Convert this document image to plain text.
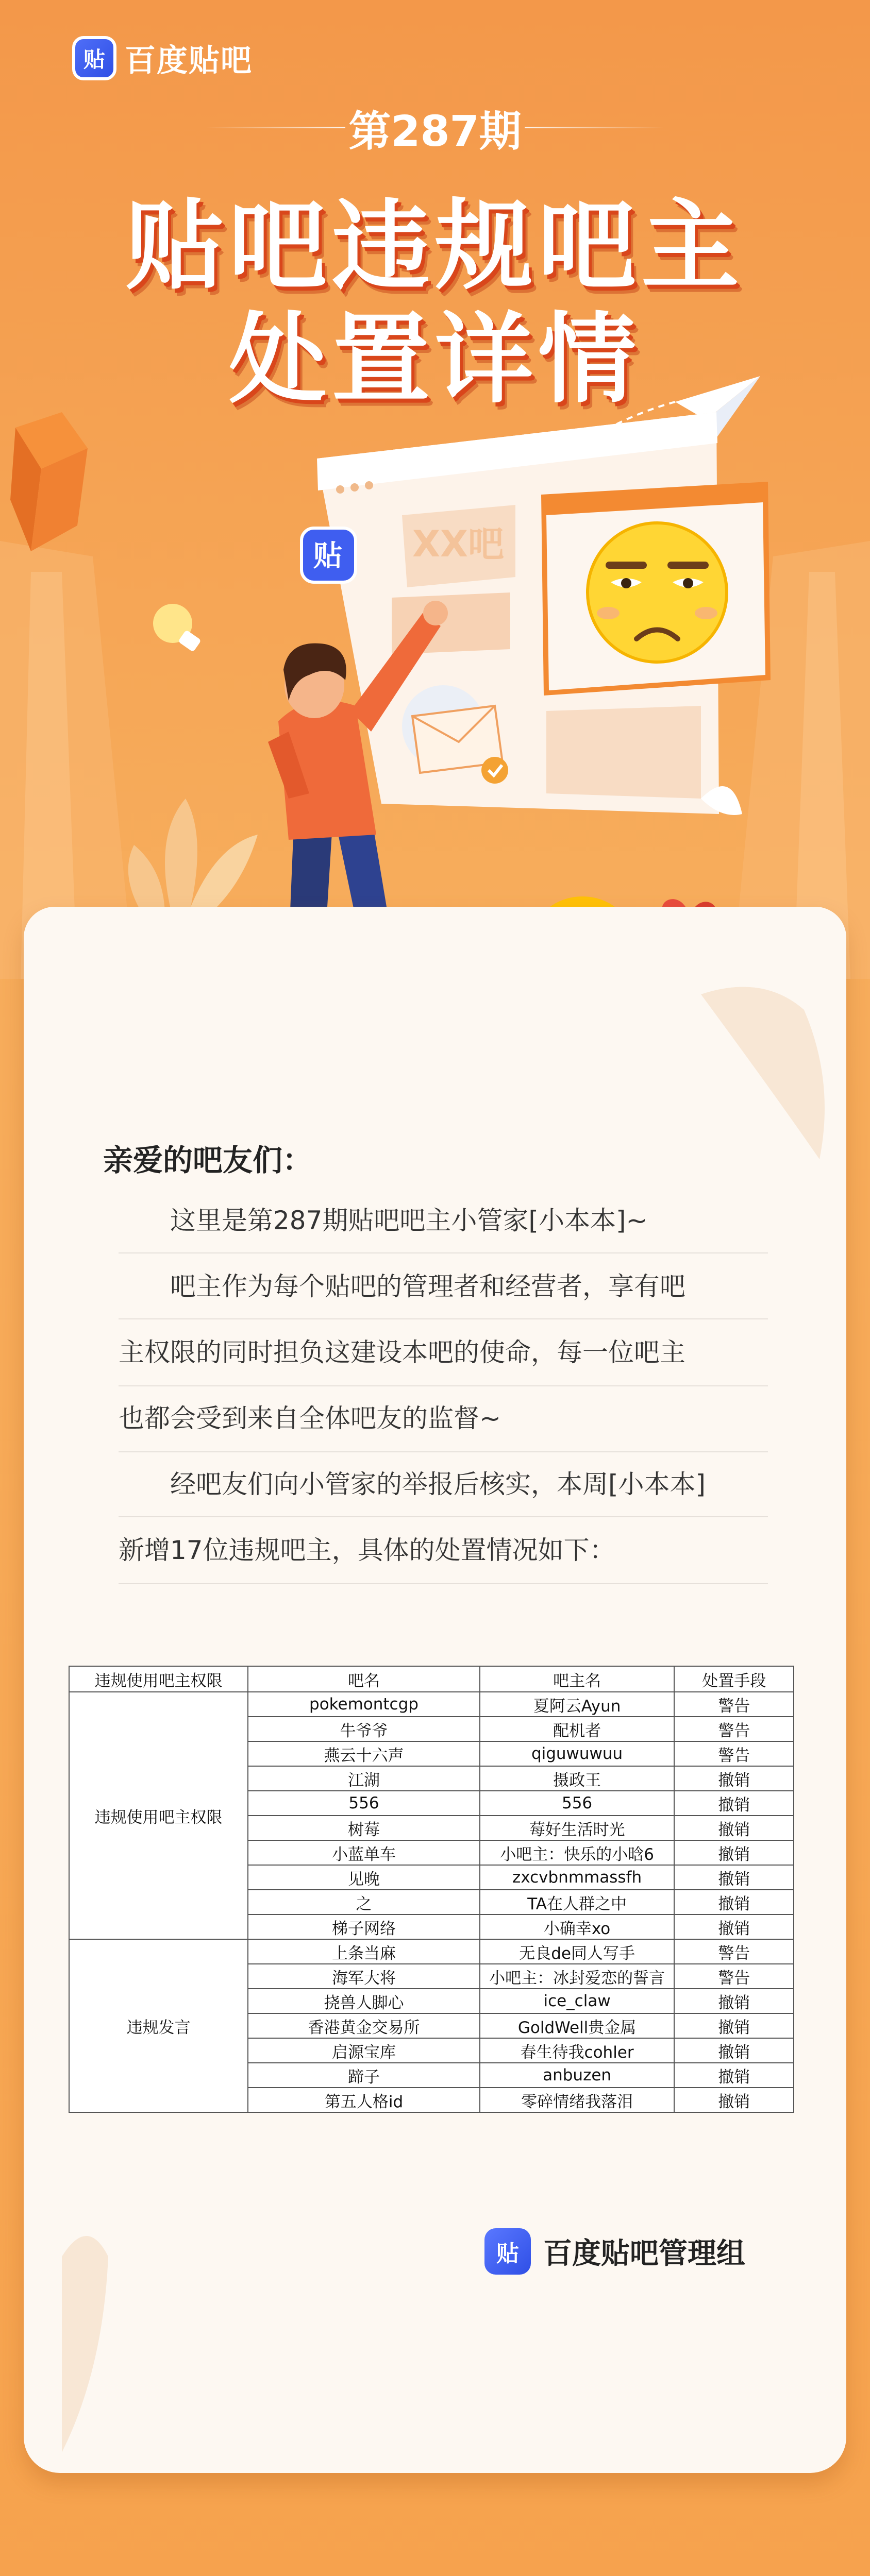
贴 百度贴吧
第287期
贴吧违规吧主
处置详情
XX吧
贴
亲爱的吧友们：
这里是第287期贴吧吧主小管家[小本本]~
吧主作为每个贴吧的管理者和经营者，享有吧
主权限的同时担负这建设本吧的使命，每一位吧主
也都会受到来自全体吧友的监督~
经吧友们向小管家的举报后核实，本周[小本本]
新增17位违规吧主，具体的处置情况如下：
违规使用吧主权限	吧名	吧主名	处置手段
违规使用吧主权限	pokemontcgp	夏阿云Ayun	警告
	牛爷爷	配机者	警告
	燕云十六声	qiguwuwuu	警告
	江湖	摄政王	撤销
	556	556	撤销
	树莓	莓好生活时光	撤销
	小蓝单车	小吧主：快乐的小晗6	撤销
	见晚	zxcvbnmmassfh	撤销
	之	TA在人群之中	撤销
	梯子网络	小确幸xo	撤销
违规发言	上条当麻	无良de同人写手	警告
	海军大将	小吧主：冰封爱恋的誓言	警告
	挠兽人脚心	ice_claw	撤销
	香港黄金交易所	GoldWell贵金属	撤销
	启源宝库	春生待我cohler	撤销
	蹄子	anbuzen	撤销
	第五人格id	零碎情绪我落泪	撤销
贴 百度贴吧管理组
